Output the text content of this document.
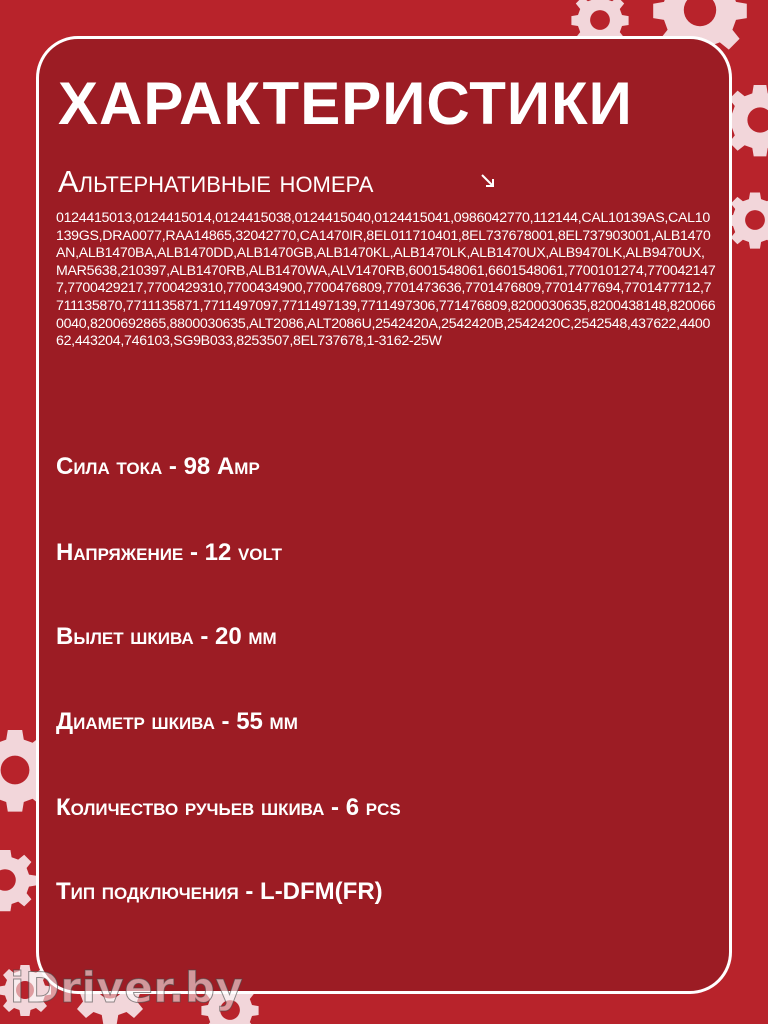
ХАРАКТЕРИСТИКИ
Альтернативные номера
0124415013,0124415014,0124415038,0124415040,0124415041,0986042770,112144,CAL10139AS,CAL10139GS,DRA0077,RAA14865,32042770,CA1470IR,8EL011710401,8EL737678001,8EL737903001,ALB1470AN,ALB1470BA,ALB1470DD,ALB1470GB,ALB1470KL,ALB1470LK,ALB1470UX,ALB9470LK,ALB9470UX,MAR5638,210397,ALB1470RB,ALB1470WA,ALV1470RB,6001548061,6601548061,7700101274,7700421477,7700429217,7700429310,7700434900,7700476809,7701473636,7701476809,7701477694,7701477712,7711135870,7711135871,7711497097,7711497139,7711497306,771476809,8200030635,8200438148,8200660040,8200692865,8800030635,ALT2086,ALT2086U,2542420A,2542420B,2542420C,2542548,437622,440062,443204,746103,SG9B033,8253507,8EL737678,1-3162-25W
Сила тока - 98 Amp
Напряжение - 12 volt
Вылет шкива - 20 мм
Диаметр шкива - 55 мм
Количество ручьев шкива - 6 pcs
Тип подключения - L-DFM(FR)
iDriver.by
